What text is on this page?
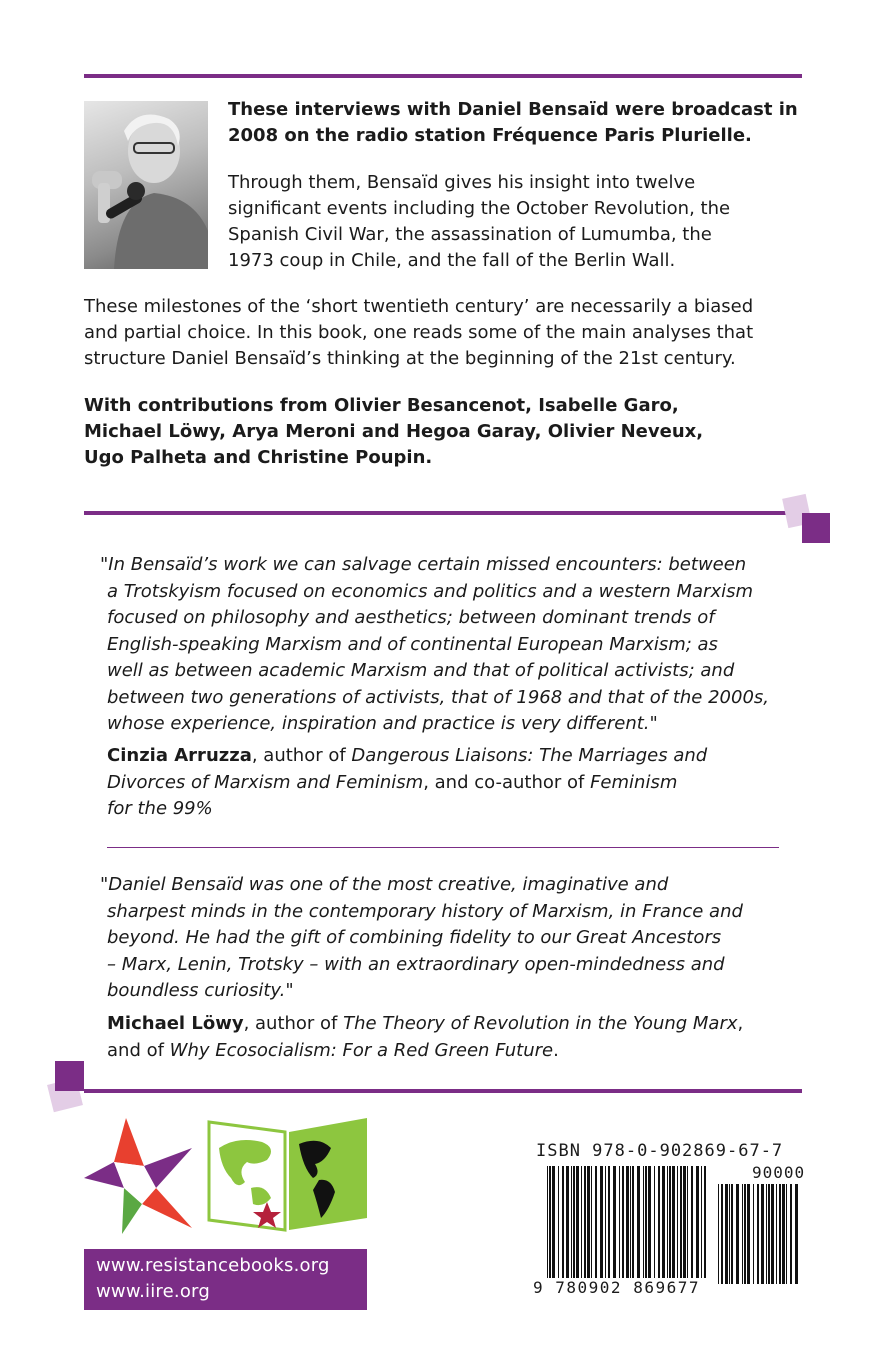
These interviews with Daniel Bensaïd were broadcast in
2008 on the radio station Fréquence Paris Plurielle.

Through them, Bensaïd gives his insight into twelve
significant events including the October Revolution, the
Spanish Civil War, the assassination of Lumumba, the
1973 coup in Chile, and the fall of the Berlin Wall.

These milestones of the ‘short twentieth century’ are necessarily a biased
and partial choice. In this book, one reads some of the main analyses that
structure Daniel Bensaïd’s thinking at the beginning of the 21st century.

With contributions from Olivier Besancenot, Isabelle Garo,
Michael Löwy, Arya Meroni and Hegoa Garay, Olivier Neveux,
Ugo Palheta and Christine Poupin.

"In Bensaïd’s work we can salvage certain missed encounters: between
a Trotskyism focused on economics and politics and a western Marxism
focused on philosophy and aesthetics; between dominant trends of
English-speaking Marxism and of continental European Marxism; as
well as between academic Marxism and that of political activists; and
between two generations of activists, that of 1968 and that of the 2000s,
whose experience, inspiration and practice is very different."

Cinzia Arruzza, author of Dangerous Liaisons: The Marriages and
Divorces of Marxism and Feminism, and co-author of Feminism
for the 99%

"Daniel Bensaïd was one of the most creative, imaginative and
sharpest minds in the contemporary history of Marxism, in France and
beyond. He had the gift of combining fidelity to our Great Ancestors
– Marx, Lenin, Trotsky – with an extraordinary open-mindedness and
boundless curiosity."

Michael Löwy, author of The Theory of Revolution in the Young Marx,
and of Why Ecosocialism: For a Red Green Future.

www.resistancebooks.org
www.iire.org
ISBN 978-0-902869-67-7
90000
9 780902 869677
